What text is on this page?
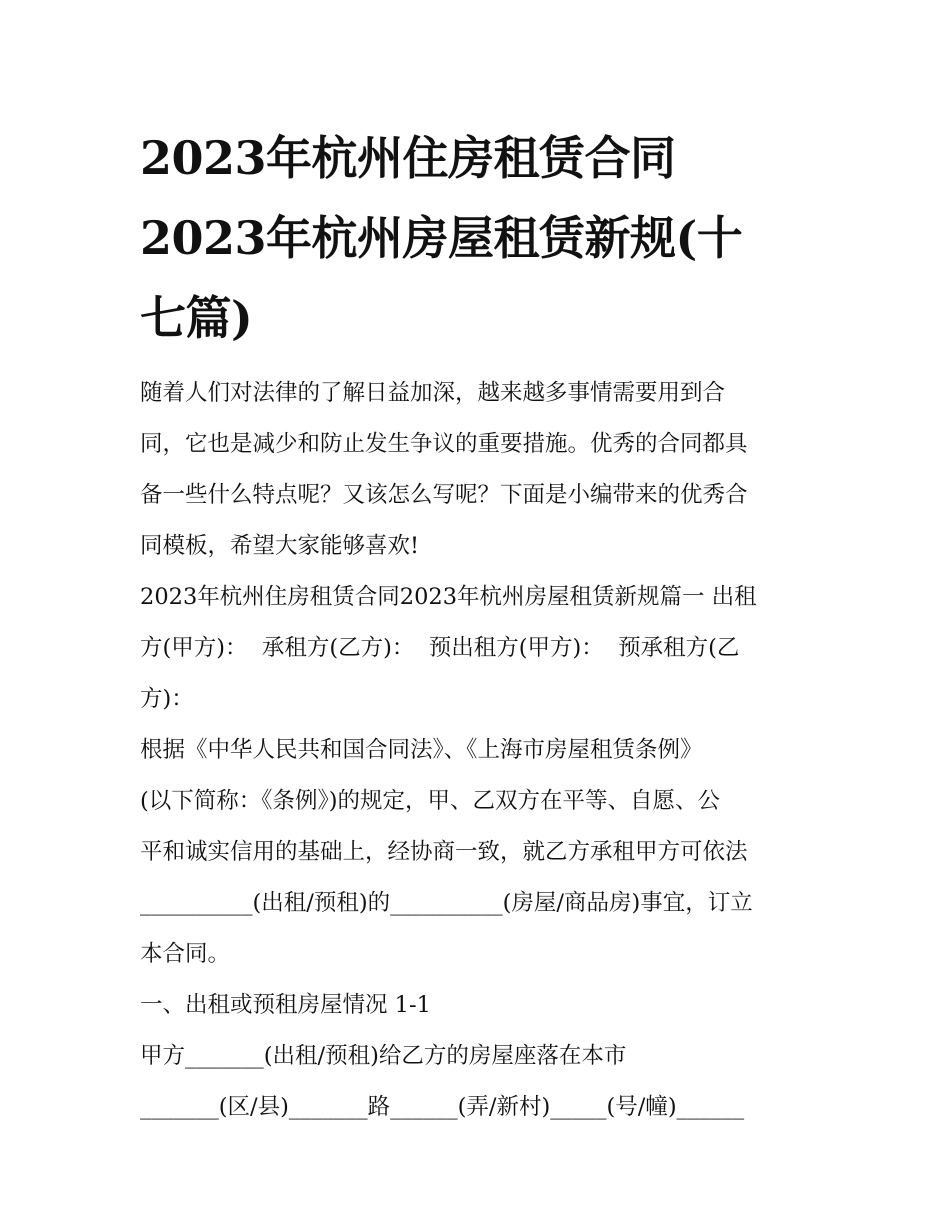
2023年杭州住房租赁合同
2023年杭州房屋租赁新规(十
七篇)
随着人们对法律的了解日益加深，越来越多事情需要用到合
同，它也是减少和防止发生争议的重要措施。优秀的合同都具
备一些什么特点呢？又该怎么写呢？下面是小编带来的优秀合
同模板，希望大家能够喜欢!
2023年杭州住房租赁合同2023年杭州房屋租赁新规篇一 出租
方(甲方)：  承租方(乙方)：  预出租方(甲方)：  预承租方(乙
方)：
根据《中华人民共和国合同法》、《上海市房屋租赁条例》
(以下简称：《条例》)的规定，甲、乙双方在平等、自愿、公
平和诚实信用的基础上，经协商一致，就乙方承租甲方可依法
__________(出租/预租)的__________(房屋/商品房)事宜，订立
本合同。
一、出租或预租房屋情况 1-1
甲方_______(出租/预租)给乙方的房屋座落在本市
_______(区/县)_______路______(弄/新村)_____(号/幢)______
